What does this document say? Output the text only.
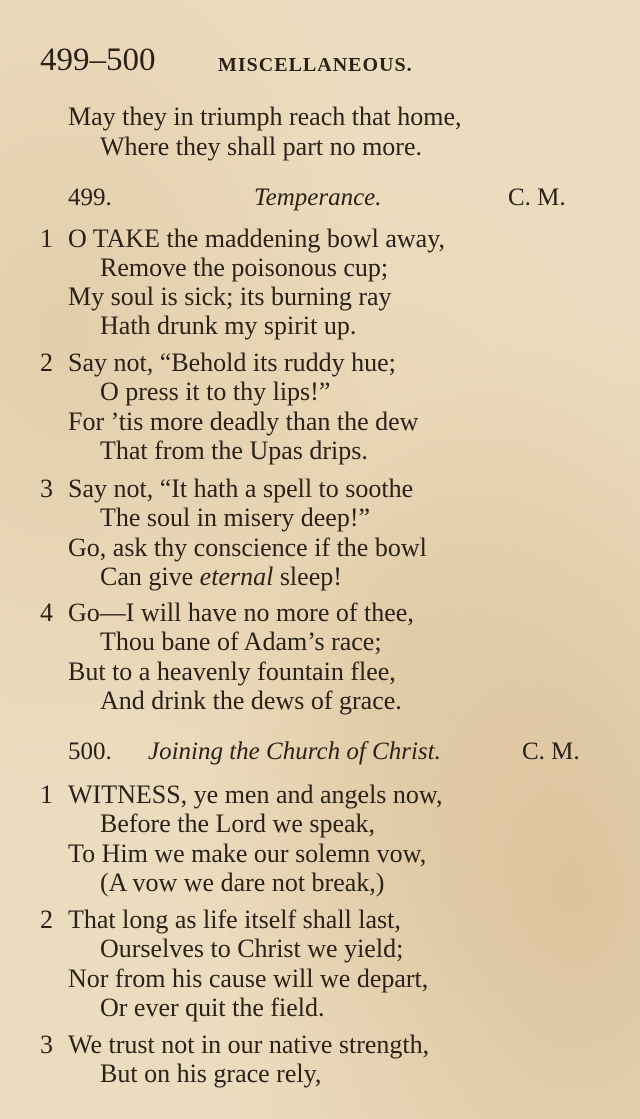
499–500	MISCELLANEOUS.
May they in triumph reach that home,
Where they shall part no more.
499.	Temperance.	C. M.
1 O TAKE the maddening bowl away,
Remove the poisonous cup;
My soul is sick; its burning ray
Hath drunk my spirit up.
2 Say not, “Behold its ruddy hue;
O press it to thy lips!”
For ’tis more deadly than the dew
That from the Upas drips.
3 Say not, “It hath a spell to soothe
The soul in misery deep!”
Go, ask thy conscience if the bowl
Can give eternal sleep!
4 Go—I will have no more of thee,
Thou bane of Adam’s race;
But to a heavenly fountain flee,
And drink the dews of grace.
500. Joining the Church of Christ.	C. M.
1 WITNESS, ye men and angels now,
Before the Lord we speak,
To Him we make our solemn vow,
(A vow we dare not break,)
2 That long as life itself shall last,
Ourselves to Christ we yield;
Nor from his cause will we depart,
Or ever quit the field.
3 We trust not in our native strength,
But on his grace rely,
